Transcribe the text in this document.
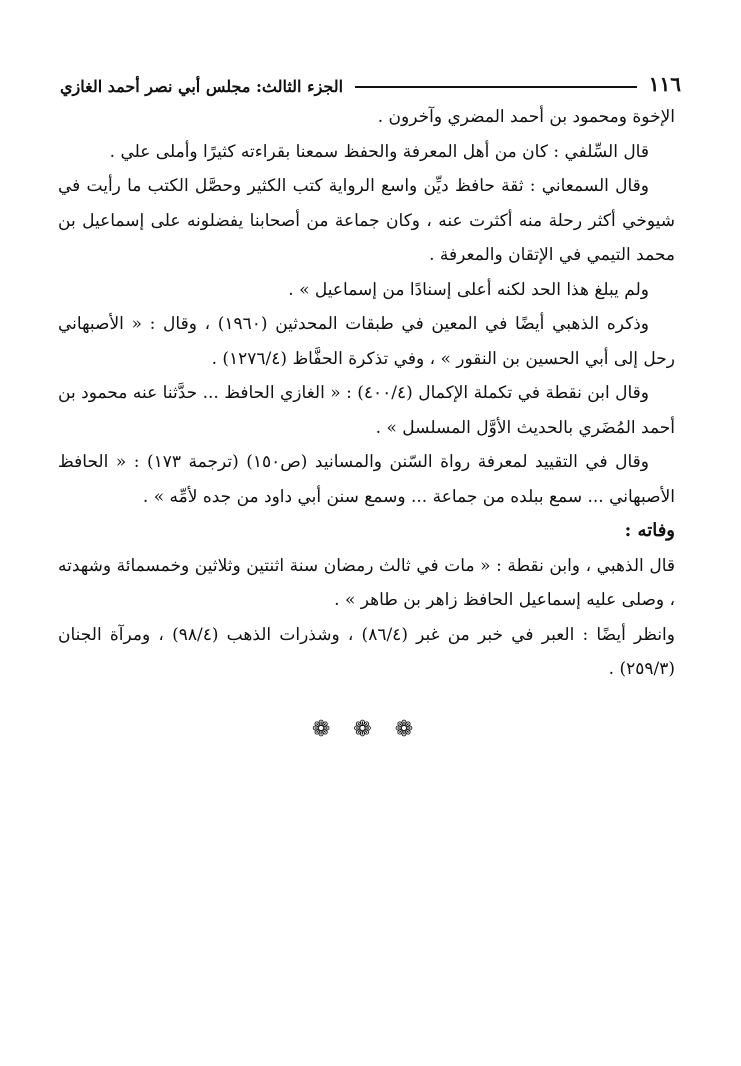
الجزء الثالث: مجلس أبي نصر أحمد الغازي	١١٦

الإخوة ومحمود بن أحمد المضري وآخرون .

قال السِّلفي : كان من أهل المعرفة والحفظ سمعنا بقراءته كثيرًا وأملى علي .

وقال السمعاني : ثقة حافظ ديِّن واسع الرواية كتب الكثير وحصَّل الكتب ما رأيت في شيوخي أكثر رحلة منه أكثرت عنه ، وكان جماعة من أصحابنا يفضلونه على إسماعيل بن محمد التيمي في الإتقان والمعرفة .

ولم يبلغ هذا الحد لكنه أعلى إسنادًا من إسماعيل » .

وذكره الذهبي أيضًا في المعين في طبقات المحدثين (١٩٦٠) ، وقال : « الأصبهاني رحل إلى أبي الحسين بن النقور » ، وفي تذكرة الحفَّاظ (١٢٧٦/٤) .

وقال ابن نقطة في تكملة الإكمال (٤٠٠/٤) : « الغازي الحافظ ... حدَّثنا عنه محمود بن أحمد المُضَري بالحديث الأوَّل المسلسل » .

وقال في التقييد لمعرفة رواة السّنن والمسانيد (ص١٥٠) (ترجمة ١٧٣) : « الحافظ الأصبهاني ... سمع ببلده من جماعة ... وسمع سنن أبي داود من جده لأمِّه » .

وفاته :

قال الذهبي ، وابن نقطة : « مات في ثالث رمضان سنة اثنتين وثلاثين وخمسمائة وشهدته ، وصلى عليه إسماعيل الحافظ زاهر بن طاهر » .

وانظر أيضًا : العبر في خبر من غبر (٨٦/٤) ، وشذرات الذهب (٩٨/٤) ، ومرآة الجنان (٢٥٩/٣) .

❁ ❁ ❁
